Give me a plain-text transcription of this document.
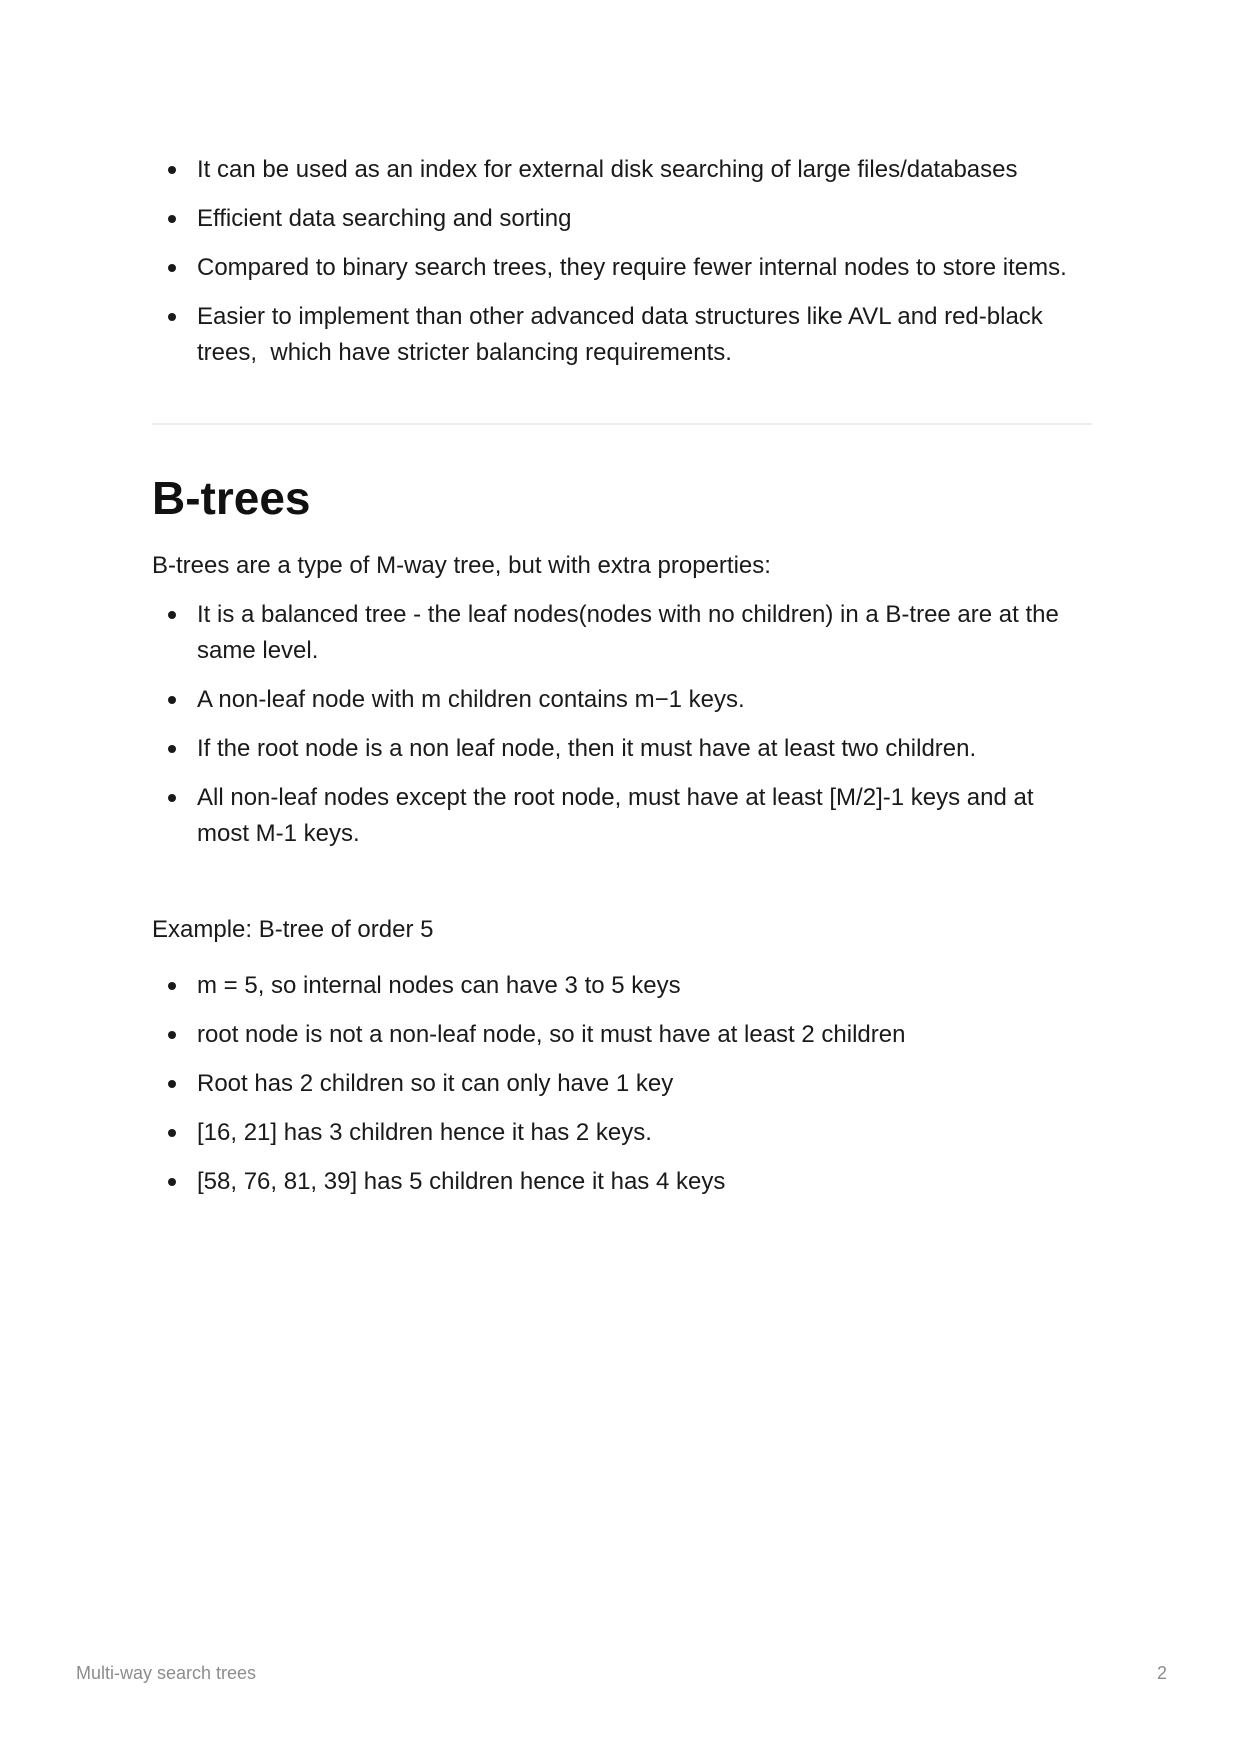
It can be used as an index for external disk searching of large files/databases
Efficient data searching and sorting
Compared to binary search trees, they require fewer internal nodes to store items.
Easier to implement than other advanced data structures like AVL and red-black trees,  which have stricter balancing requirements.
B-trees

B-trees are a type of M-way tree, but with extra properties:

It is a balanced tree - the leaf nodes(nodes with no children) in a B-tree are at the same level.
A non-leaf node with m children contains m−1 keys.
If the root node is a non leaf node, then it must have at least two children.
All non-leaf nodes except the root node, must have at least [M/2]-1 keys and at most M-1 keys.

Example: B-tree of order 5

m = 5, so internal nodes can have 3 to 5 keys
root node is not a non-leaf node, so it must have at least 2 children
Root has 2 children so it can only have 1 key
[16, 21] has 3 children hence it has 2 keys.
[58, 76, 81, 39] has 5 children hence it has 4 keys
Multi-way search trees	2
